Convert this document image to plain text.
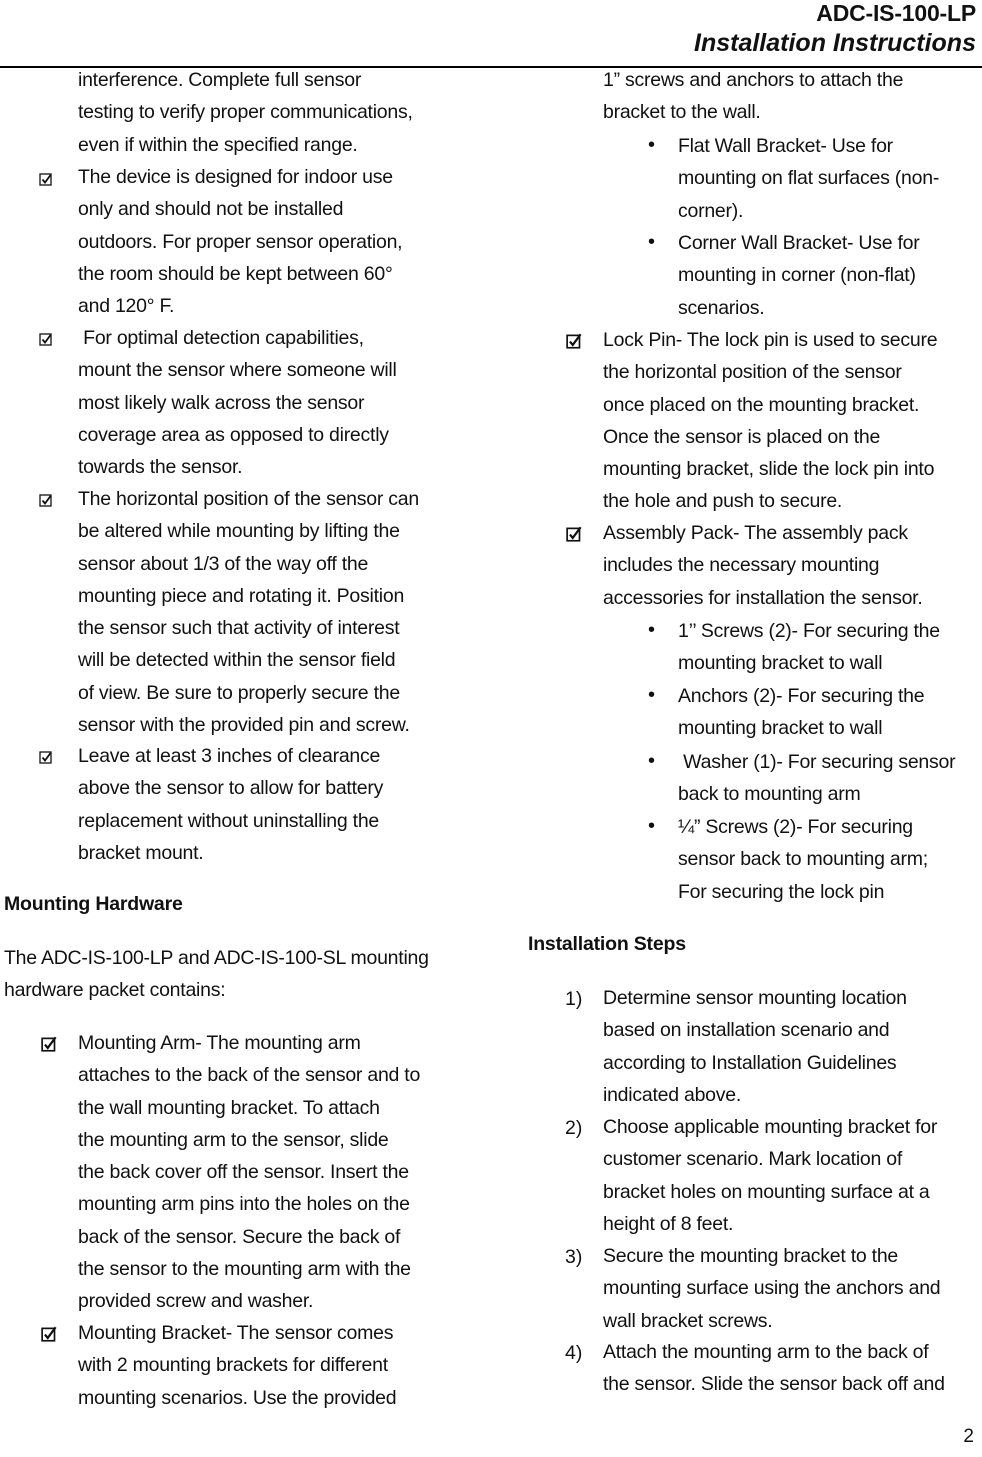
ADC-IS-100-LP
Installation Instructions
interference. Complete full sensor
testing to verify proper communications,
even if within the specified range.
The device is designed for indoor use
only and should not be installed
outdoors. For proper sensor operation,
the room should be kept between 60°
and 120° F.
For optimal detection capabilities,
mount the sensor where someone will
most likely walk across the sensor
coverage area as opposed to directly
towards the sensor.
The horizontal position of the sensor can
be altered while mounting by lifting the
sensor about 1/3 of the way off the
mounting piece and rotating it. Position
the sensor such that activity of interest
will be detected within the sensor field
of view. Be sure to properly secure the
sensor with the provided pin and screw.
Leave at least 3 inches of clearance
above the sensor to allow for battery
replacement without uninstalling the
bracket mount.
Mounting Hardware
The ADC-IS-100-LP and ADC-IS-100-SL mounting
hardware packet contains:
Mounting Arm- The mounting arm
attaches to the back of the sensor and to
the wall mounting bracket. To attach
the mounting arm to the sensor, slide
the back cover off the sensor. Insert the
mounting arm pins into the holes on the
back of the sensor. Secure the back of
the sensor to the mounting arm with the
provided screw and washer.
Mounting Bracket- The sensor comes
with 2 mounting brackets for different
mounting scenarios. Use the provided
1” screws and anchors to attach the
bracket to the wall.
• Flat Wall Bracket- Use for
mounting on flat surfaces (non-
corner).
• Corner Wall Bracket- Use for
mounting in corner (non-flat)
scenarios.
Lock Pin- The lock pin is used to secure
the horizontal position of the sensor
once placed on the mounting bracket.
Once the sensor is placed on the
mounting bracket, slide the lock pin into
the hole and push to secure.
Assembly Pack- The assembly pack
includes the necessary mounting
accessories for installation the sensor.
• 1’’ Screws (2)- For securing the
mounting bracket to wall
• Anchors (2)- For securing the
mounting bracket to wall
• Washer (1)- For securing sensor
back to mounting arm
• ¼” Screws (2)- For securing
sensor back to mounting arm;
For securing the lock pin
Installation Steps
1) Determine sensor mounting location
based on installation scenario and
according to Installation Guidelines
indicated above.
2) Choose applicable mounting bracket for
customer scenario. Mark location of
bracket holes on mounting surface at a
height of 8 feet.
3) Secure the mounting bracket to the
mounting surface using the anchors and
wall bracket screws.
4) Attach the mounting arm to the back of
the sensor. Slide the sensor back off and
2
